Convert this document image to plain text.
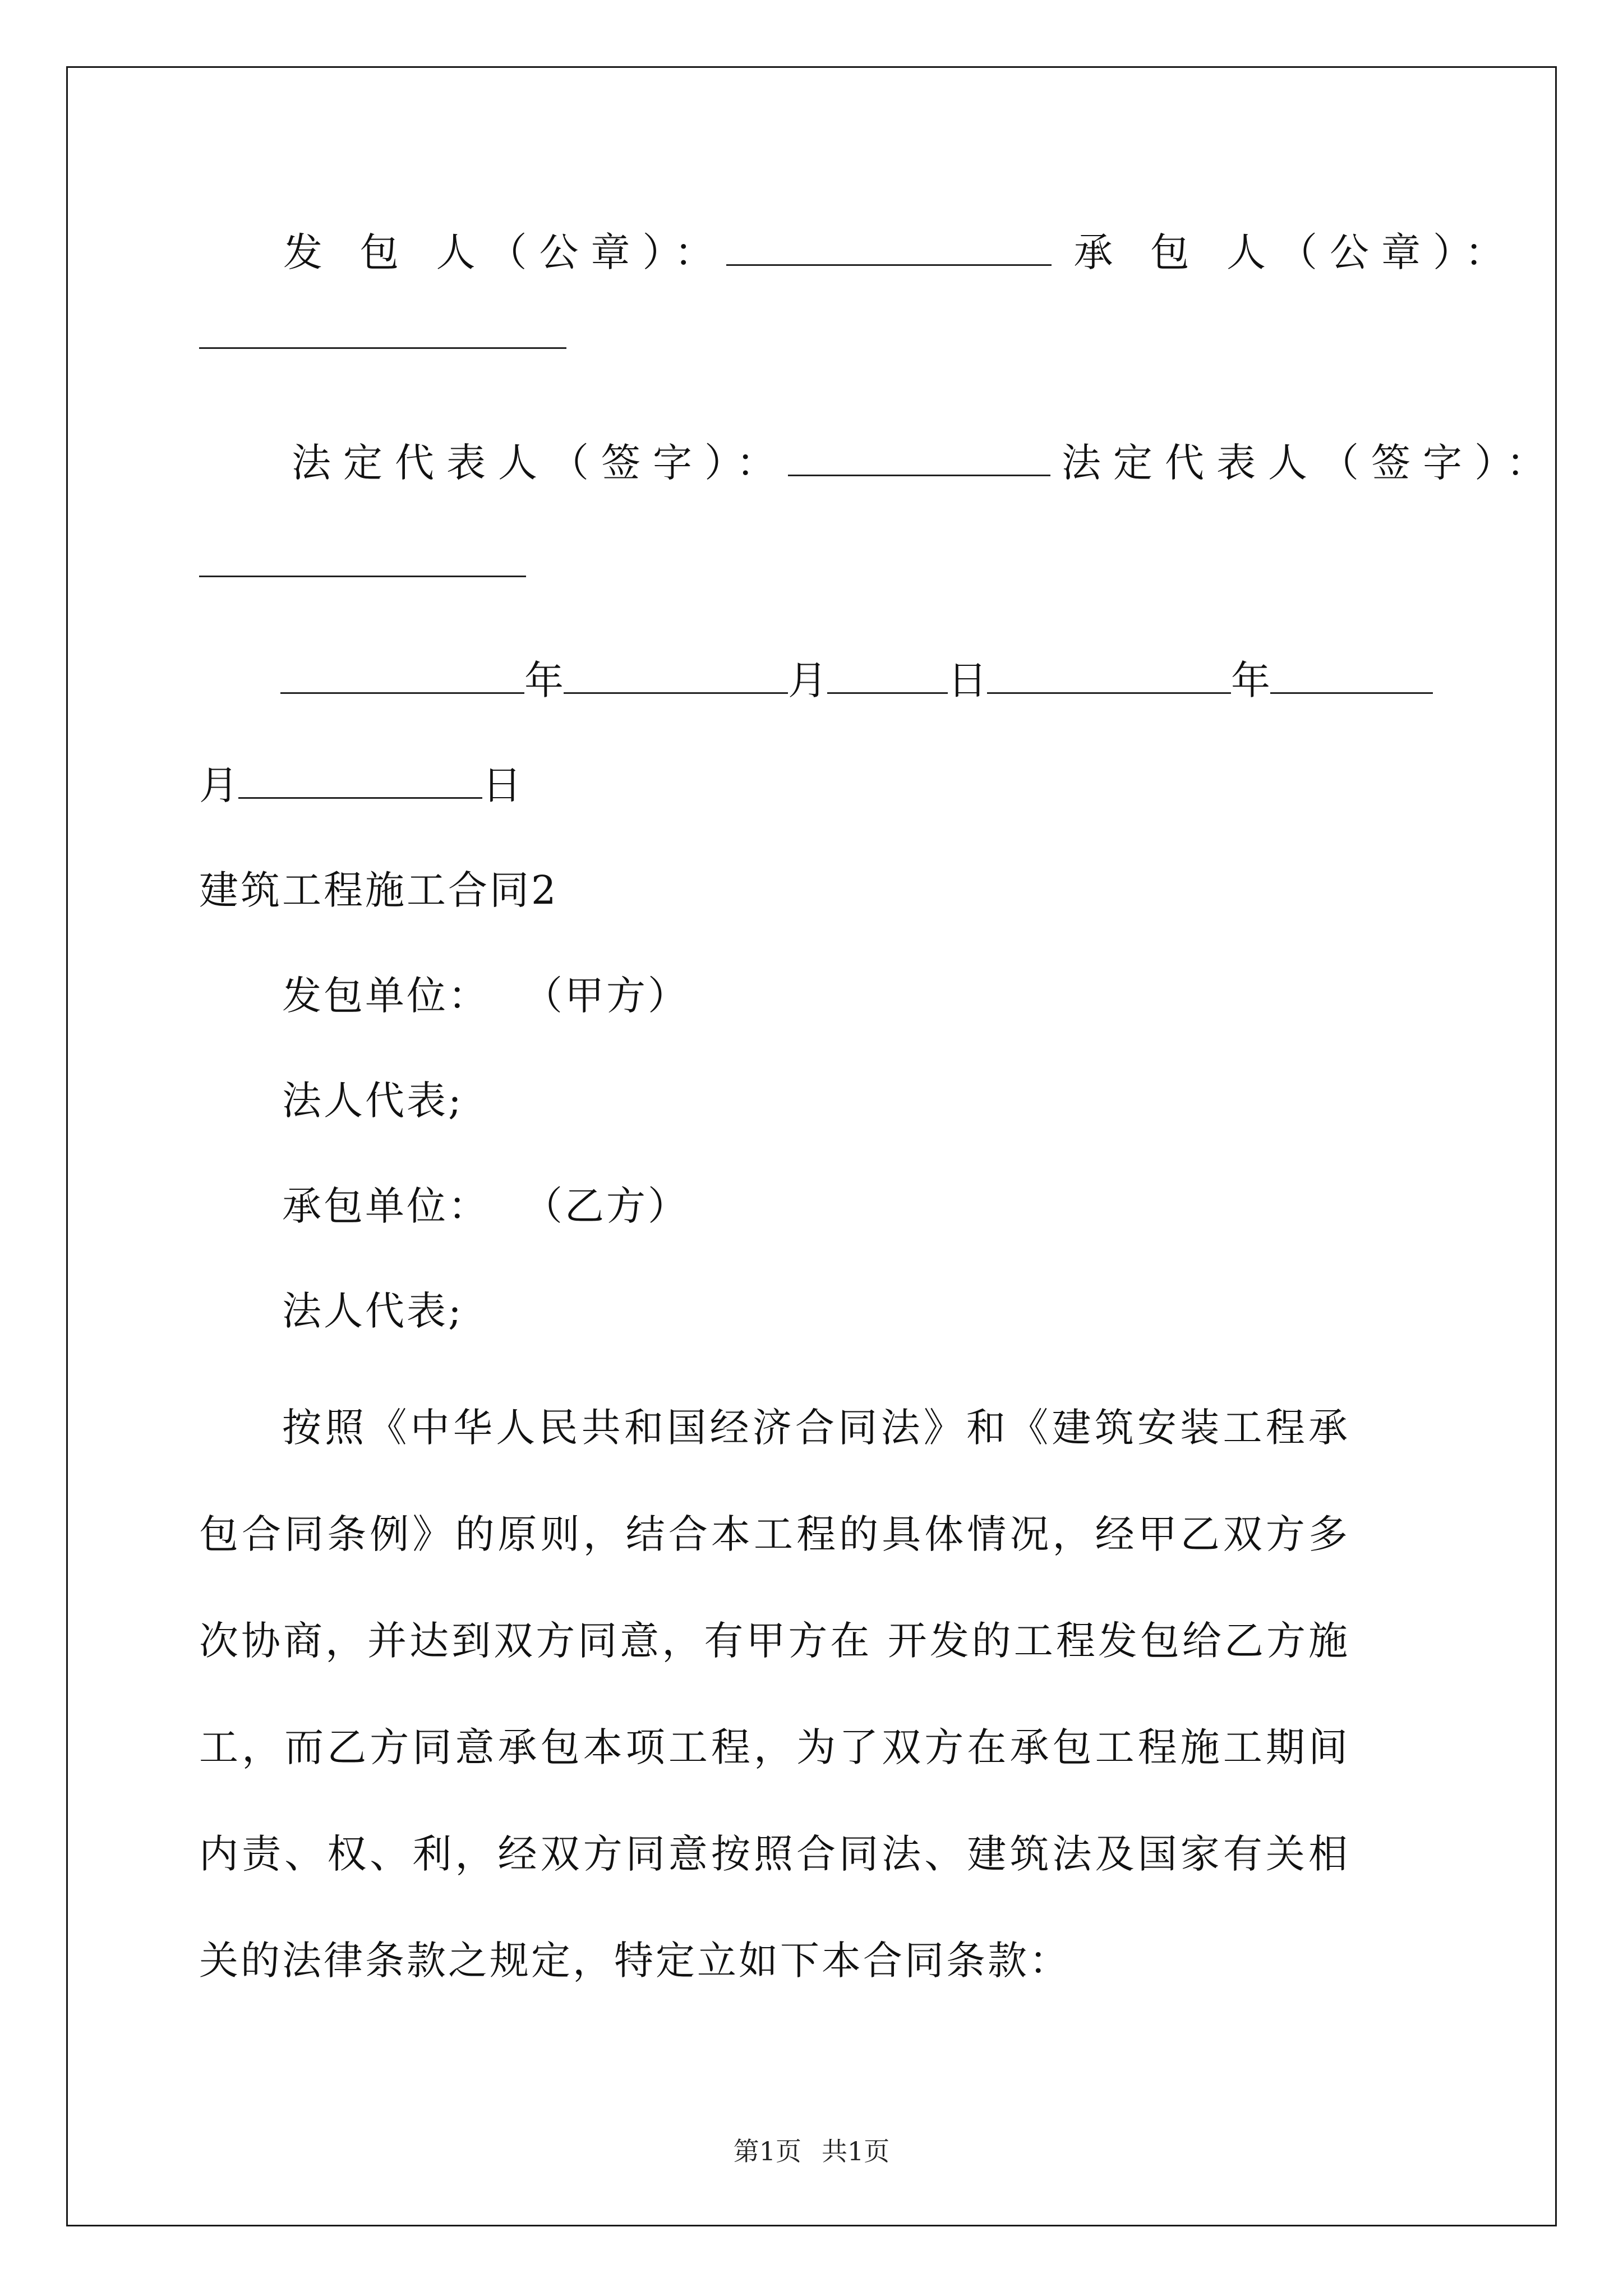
发 包 人（公章）：	承 包 人（公章）：
法定代表人（签字）：	法定代表人（签字）：
年	月	日	年
月	日
建筑工程施工合同2
发包单位： （甲方）
法人代表;
承包单位： （乙方）
法人代表;
按照《中华人民共和国经济合同法》和《建筑安装工程承包合同条例》的原则，结合本工程的具体情况，经甲乙双方多次协商，并达到双方同意，有甲方在 开发的工程发包给乙方施工，而乙方同意承包本项工程，为了双方在承包工程施工期间内责、权、利，经双方同意按照合同法、建筑法及国家有关相关的法律条款之规定，特定立如下本合同条款：
第1页 共1页
